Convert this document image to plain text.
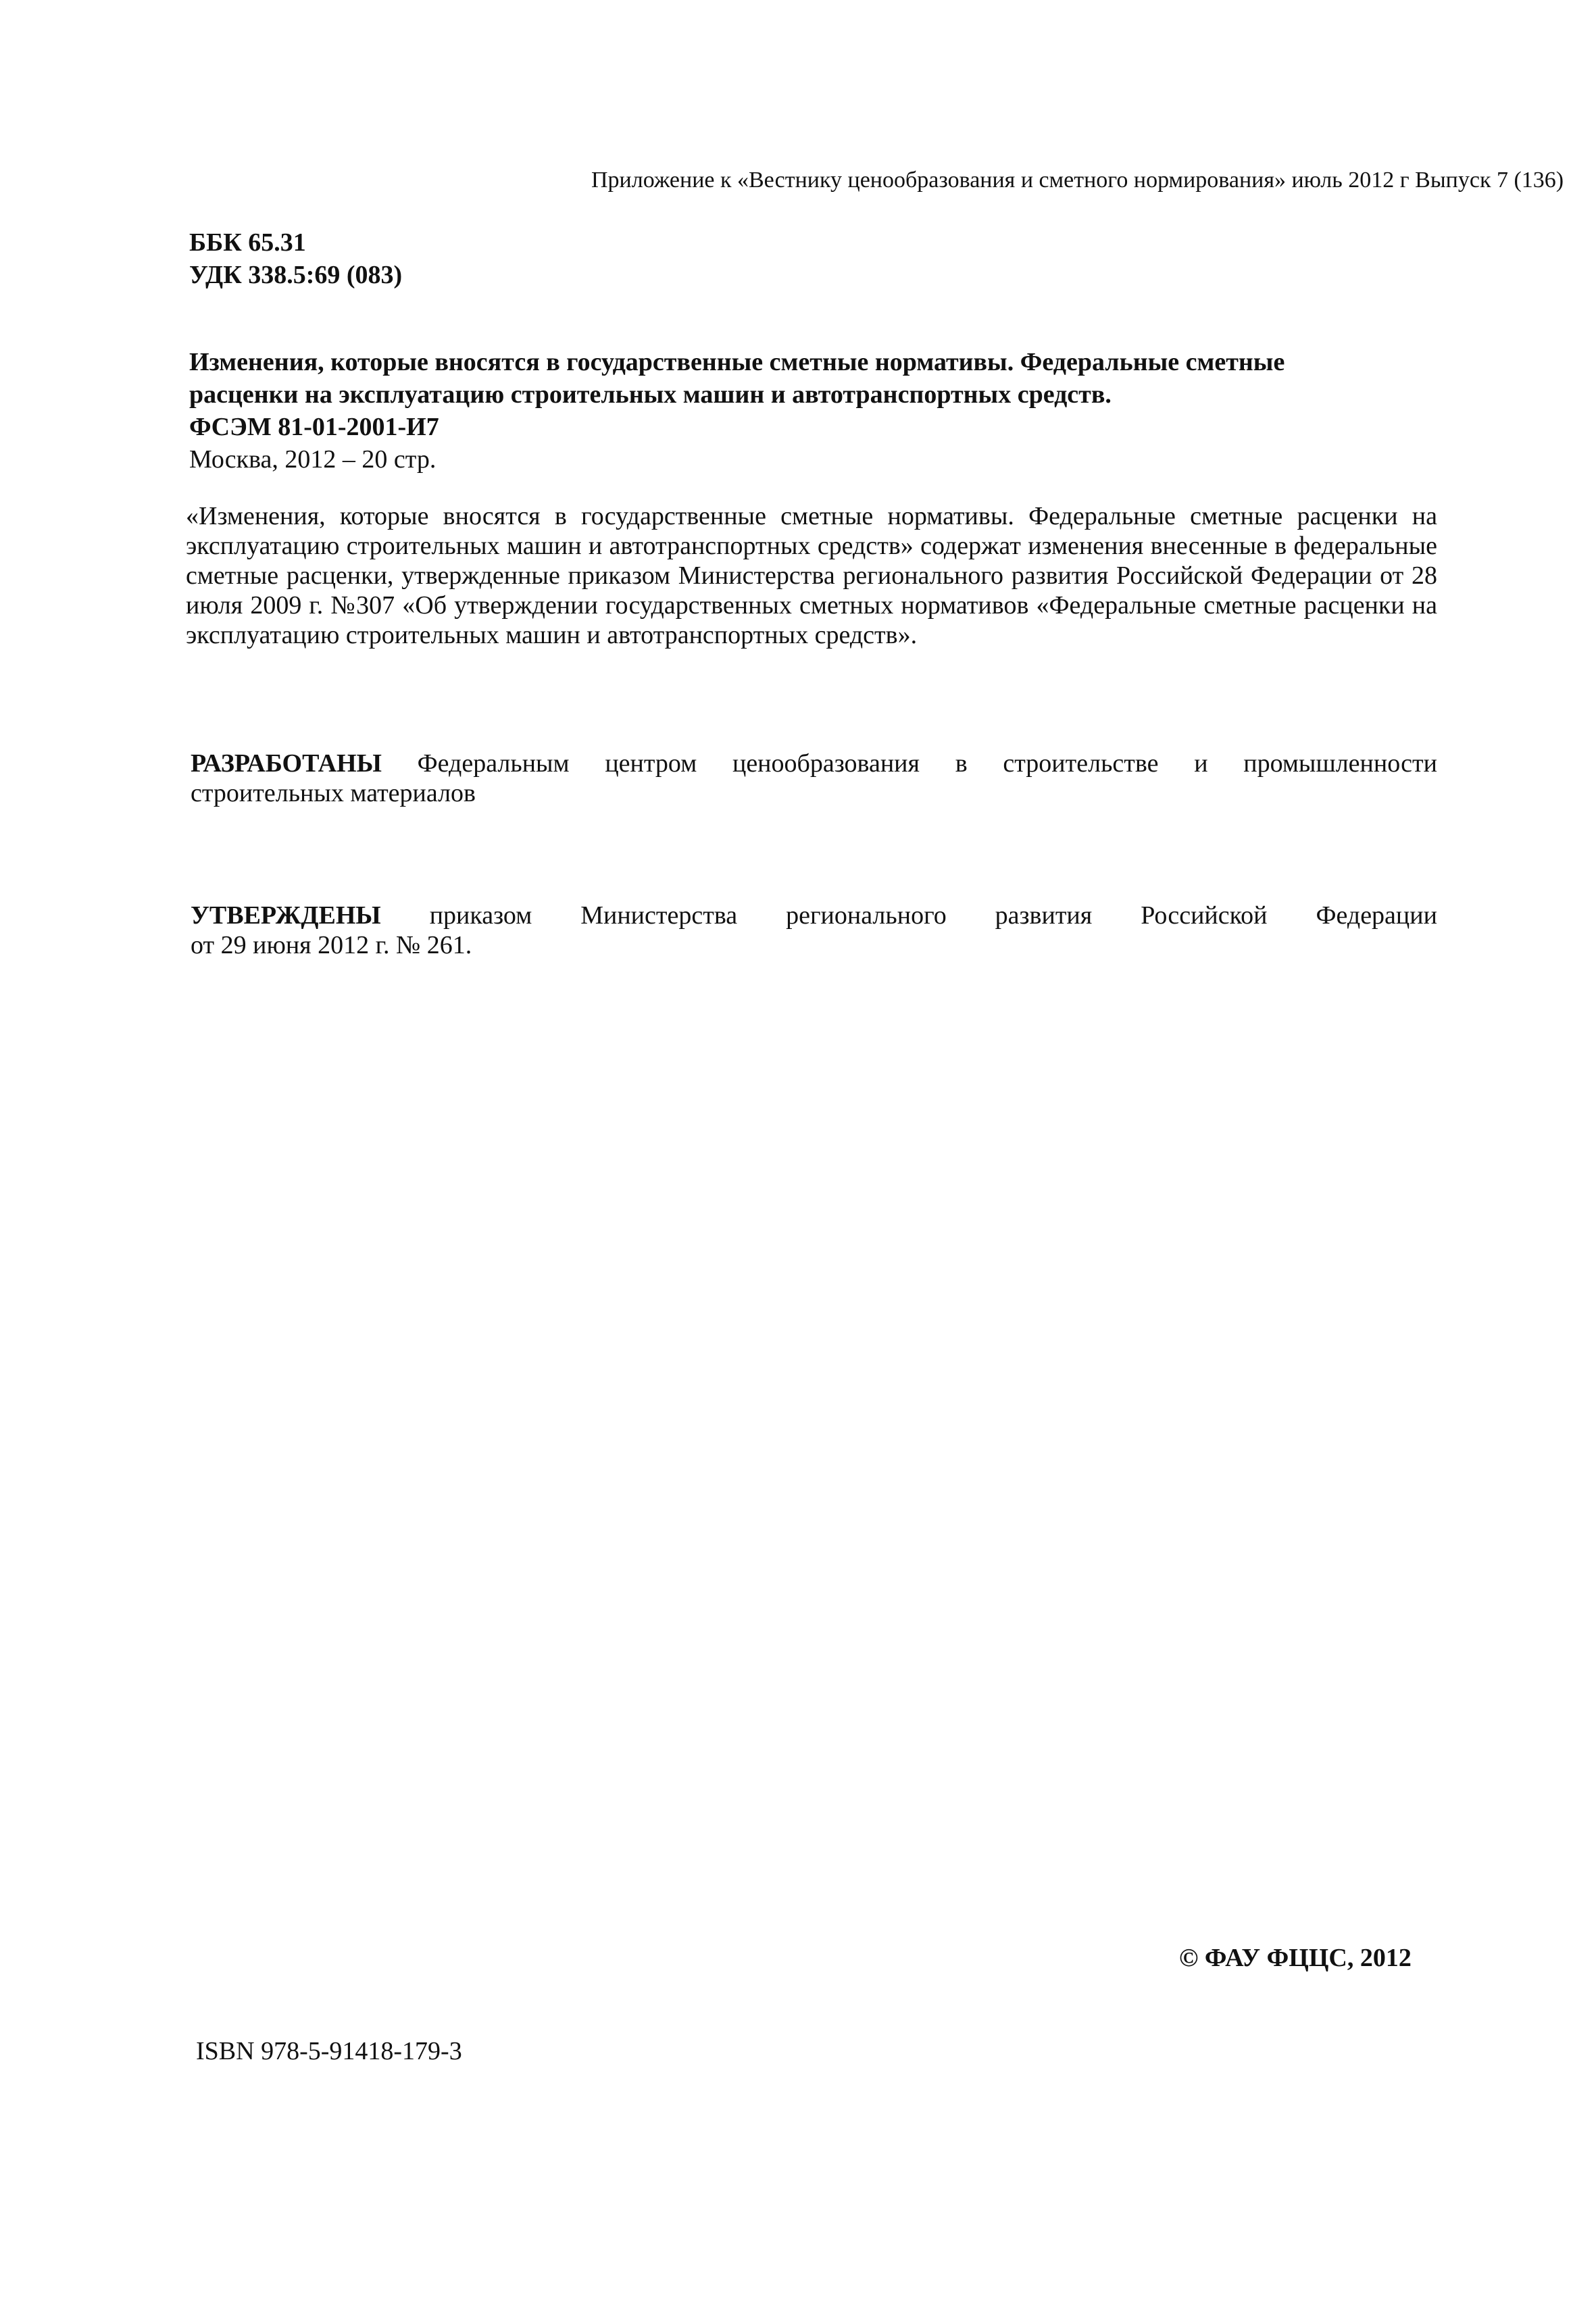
Приложение к «Вестнику ценообразования и сметного нормирования» июль 2012 г Выпуск 7 (136)
ББК 65.31
УДК 338.5:69 (083)
Изменения, которые вносятся в государственные сметные нормативы. Федеральные сметные
расценки на эксплуатацию строительных машин и автотранспортных средств.
ФСЭМ 81-01-2001-И7
Москва, 2012 – 20 стр.

«Изменения, которые вносятся в государственные сметные нормативы. Федеральные сметные расценки на эксплуатацию строительных машин и автотранспортных средств» содержат изменения внесенные в федеральные сметные расценки, утвержденные приказом Министерства регионального развития Российской Федерации от 28 июля 2009 г. №307 «Об утверждении государственных сметных нормативов «Федеральные сметные расценки на эксплуатацию строительных машин и автотранспортных средств».

РАЗРАБОТАНЫ Федеральным центром ценообразования в строительстве и промышленности
строительных материалов
УТВЕРЖДЕНЫ приказом Министерства регионального развития Российской Федерации
от 29 июня 2012 г. № 261.
© ФАУ ФЦЦС, 2012
ISBN 978-5-91418-179-3
